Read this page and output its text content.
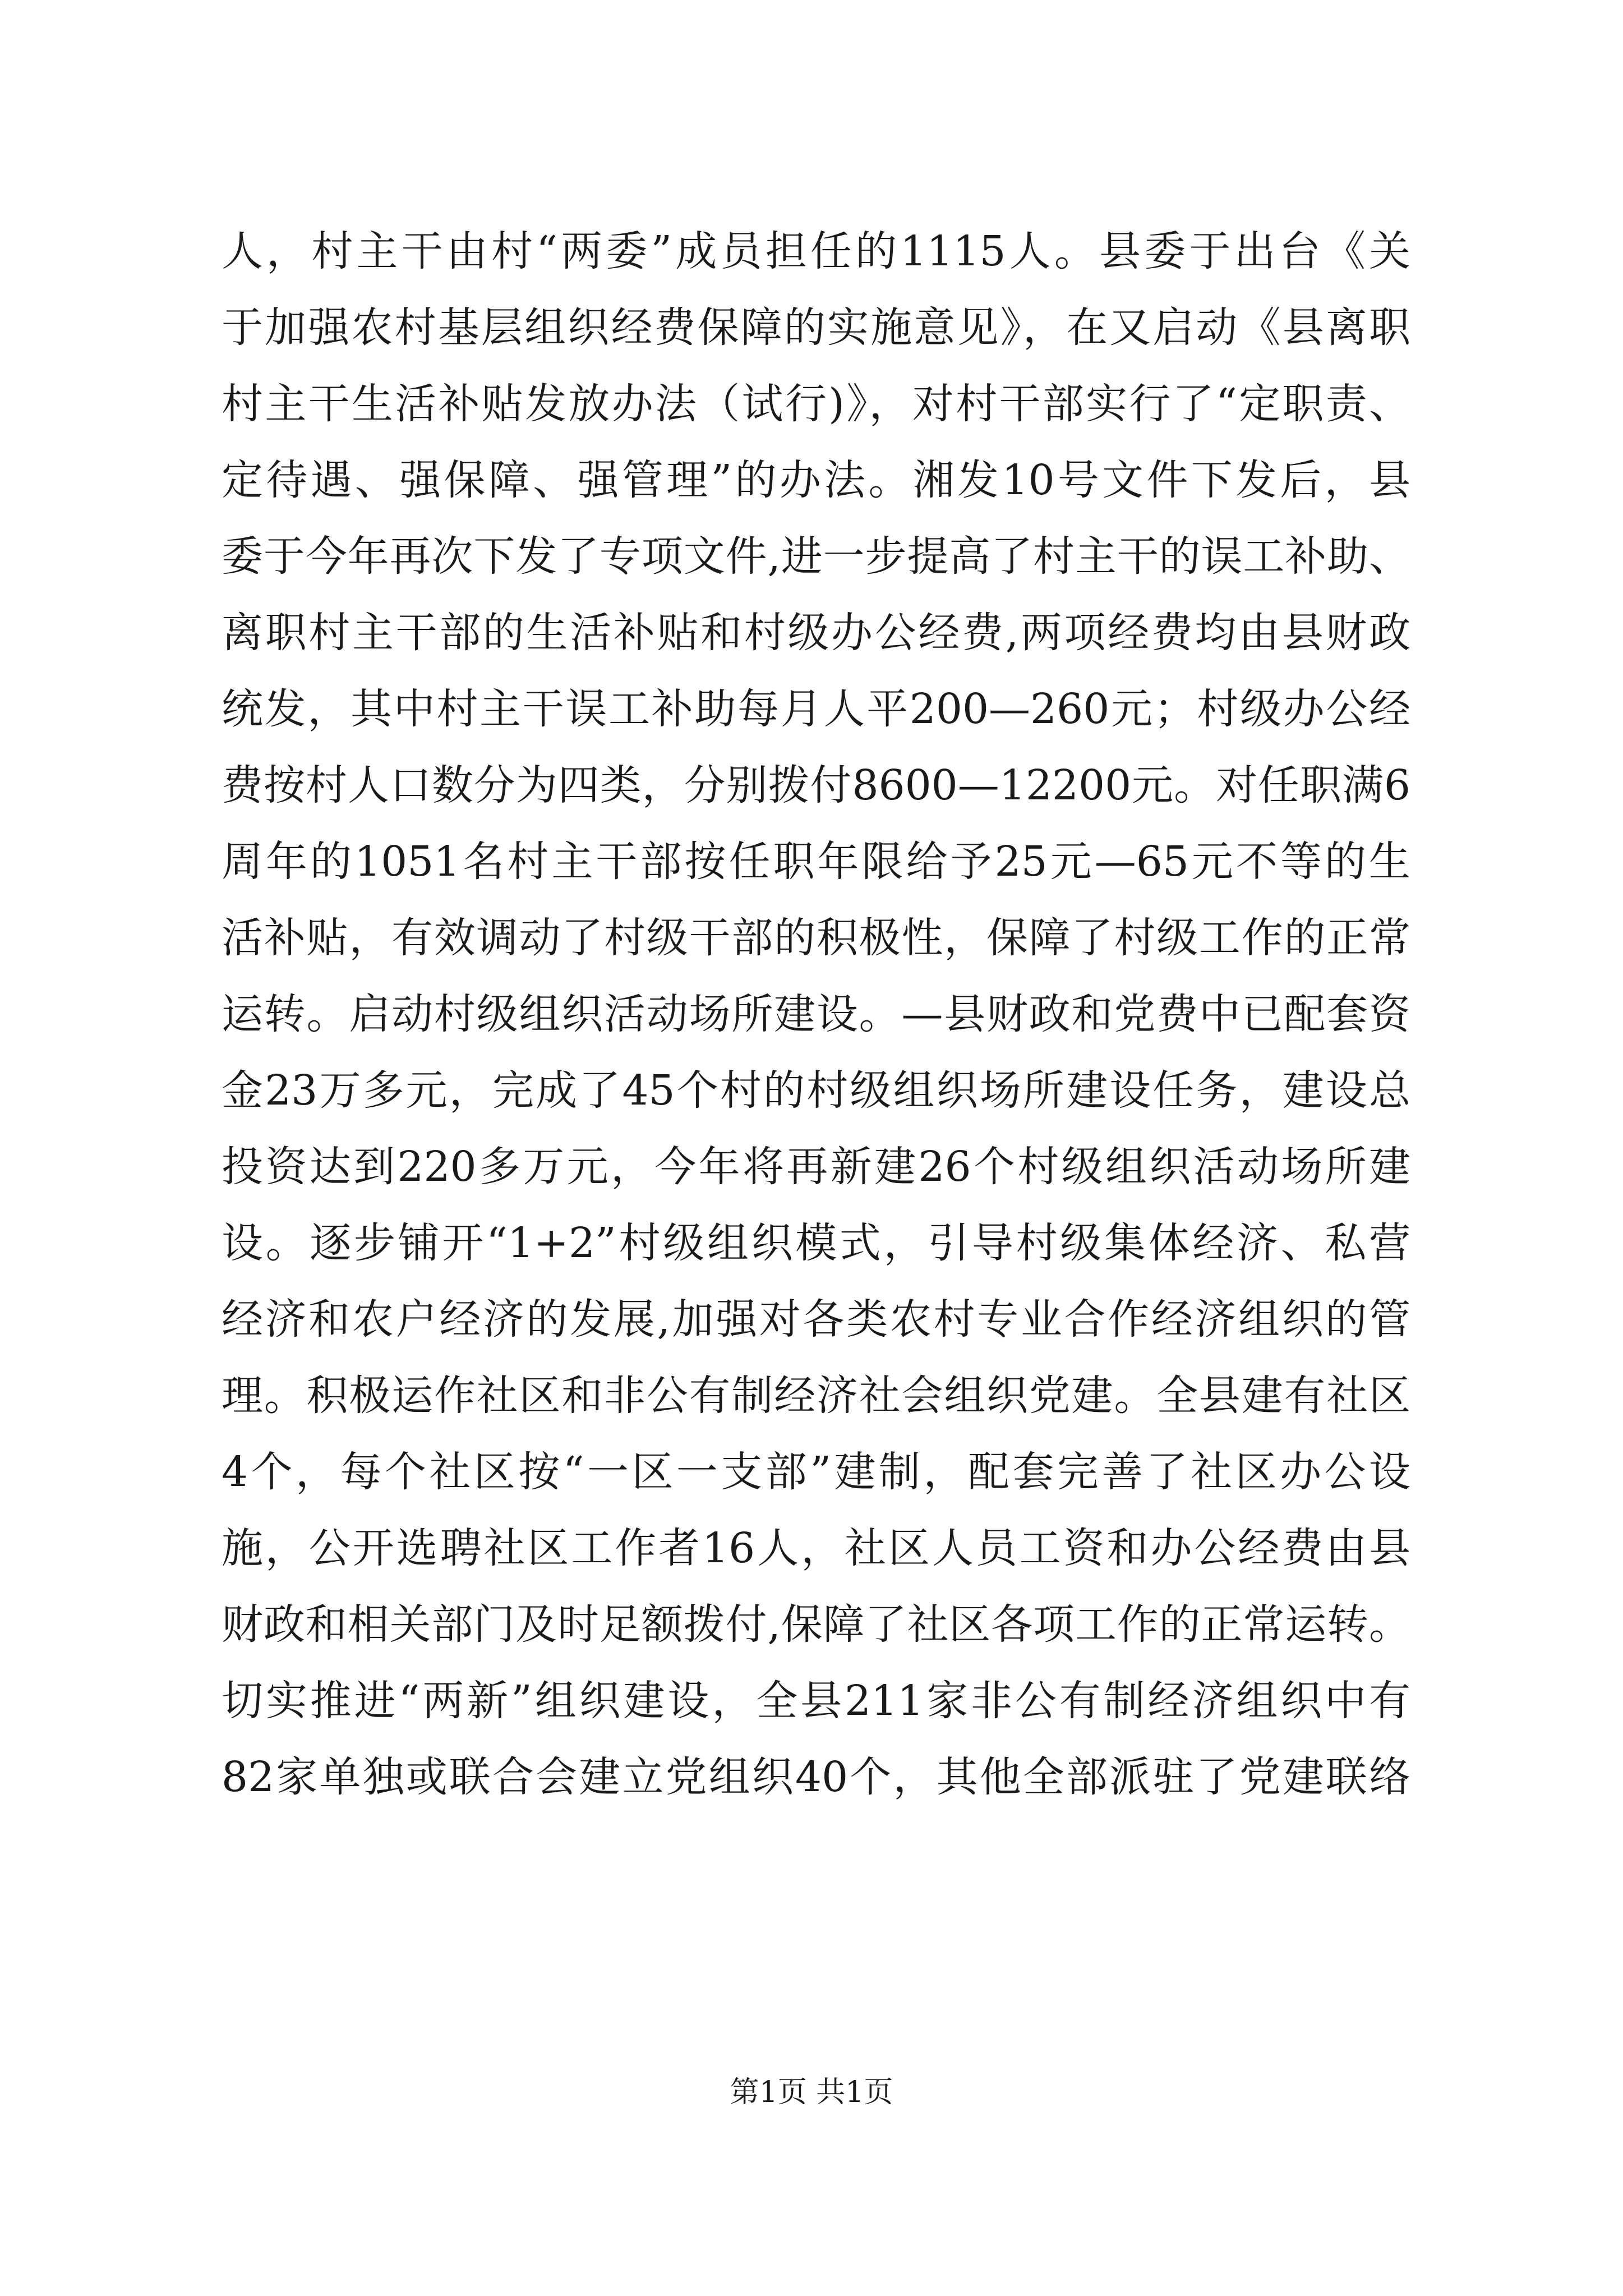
人，村主干由村“两委”成员担任的1115人。县委于出台《关
于加强农村基层组织经费保障的实施意见》，在又启动《县离职
村主干生活补贴发放办法（试行)》，对村干部实行了“定职责、
定待遇、强保障、强管理”的办法。湘发10号文件下发后，县
委于今年再次下发了专项文件,进一步提高了村主干的误工补助、
离职村主干部的生活补贴和村级办公经费,两项经费均由县财政
统发，其中村主干误工补助每月人平200—260元；村级办公经
费按村人口数分为四类，分别拨付8600—12200元。对任职满6
周年的1051名村主干部按任职年限给予25元—65元不等的生
活补贴，有效调动了村级干部的积极性，保障了村级工作的正常
运转。启动村级组织活动场所建设。—县财政和党费中已配套资
金23万多元，完成了45个村的村级组织场所建设任务，建设总
投资达到220多万元，今年将再新建26个村级组织活动场所建
设。逐步铺开“1+2”村级组织模式，引导村级集体经济、私营
经济和农户经济的发展,加强对各类农村专业合作经济组织的管
理。积极运作社区和非公有制经济社会组织党建。全县建有社区
4个，每个社区按“一区一支部”建制，配套完善了社区办公设
施，公开选聘社区工作者16人，社区人员工资和办公经费由县
财政和相关部门及时足额拨付,保障了社区各项工作的正常运转。
切实推进“两新”组织建设，全县211家非公有制经济组织中有
82家单独或联合会建立党组织40个，其他全部派驻了党建联络
第1页 共1页
